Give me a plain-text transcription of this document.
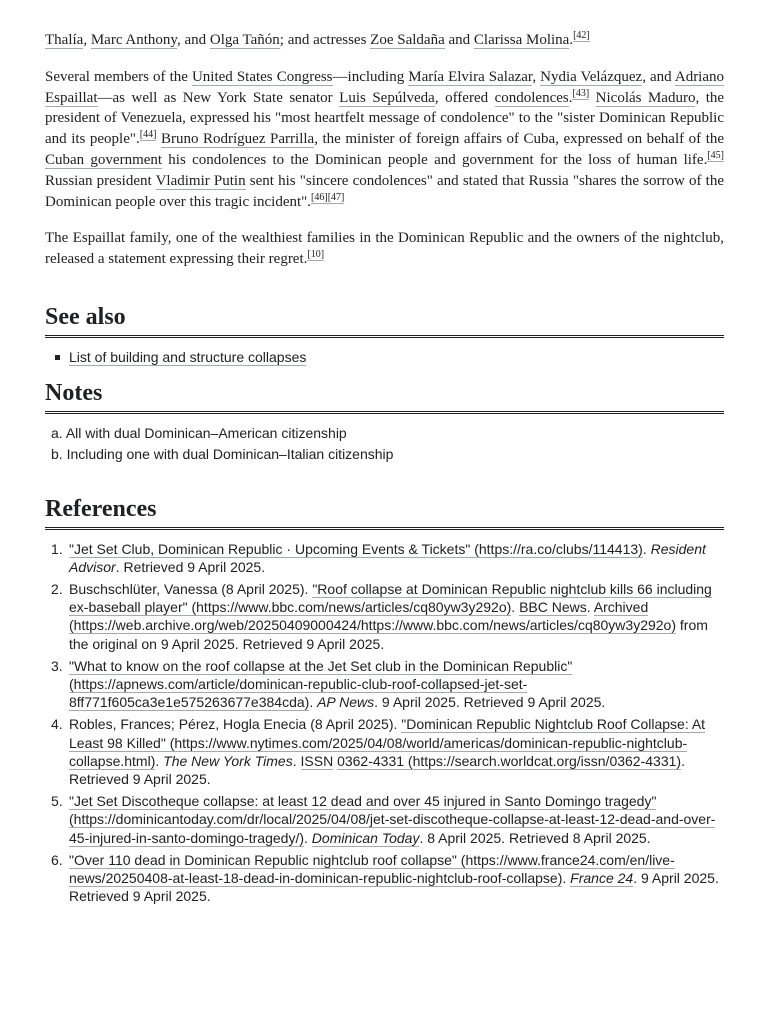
Thalía, Marc Anthony, and Olga Tañón; and actresses Zoe Saldaña and Clarissa Molina.[42]

Several members of the United States Congress—including María Elvira Salazar, Nydia Velázquez, and Adriano Espaillat—as well as New York State senator Luis Sepúlveda, offered condolences.[43] Nicolás Maduro, the president of Venezuela, expressed his "most heartfelt message of condolence" to the "sister Dominican Republic and its people".[44] Bruno Rodríguez Parrilla, the minister of foreign affairs of Cuba, expressed on behalf of the Cuban government his condolences to the Dominican people and government for the loss of human life.[45] Russian president Vladimir Putin sent his "sincere condolences" and stated that Russia "shares the sorrow of the Dominican people over this tragic incident".[46][47]

The Espaillat family, one of the wealthiest families in the Dominican Republic and the owners of the nightclub, released a statement expressing their regret.[10]

See also
List of building and structure collapses
Notes
a. All with dual Dominican–American citizenship
b. Including one with dual Dominican–Italian citizenship
References
1. "Jet Set Club, Dominican Republic · Upcoming Events & Tickets" (https://ra.co/clubs/114413). Resident Advisor. Retrieved 9 April 2025.
2. Buschschlüter, Vanessa (8 April 2025). "Roof collapse at Dominican Republic nightclub kills 66 including ex-baseball player" (https://www.bbc.com/news/articles/cq80yw3y292o). BBC News. Archived (https://web.archive.org/web/20250409000424/https://www.bbc.com/news/articles/cq80yw3y292o) from the original on 9 April 2025. Retrieved 9 April 2025.
3. "What to know on the roof collapse at the Jet Set club in the Dominican Republic" (https://apnews.com/article/dominican-republic-club-roof-collapsed-jet-set-8ff771f605ca3e1e575263677e384cda). AP News. 9 April 2025. Retrieved 9 April 2025.
4. Robles, Frances; Pérez, Hogla Enecia (8 April 2025). "Dominican Republic Nightclub Roof Collapse: At Least 98 Killed" (https://www.nytimes.com/2025/04/08/world/americas/dominican-republic-nightclub-collapse.html). The New York Times. ISSN 0362-4331 (https://search.worldcat.org/issn/0362-4331). Retrieved 9 April 2025.
5. "Jet Set Discotheque collapse: at least 12 dead and over 45 injured in Santo Domingo tragedy" (https://dominicantoday.com/dr/local/2025/04/08/jet-set-discotheque-collapse-at-least-12-dead-and-over-45-injured-in-santo-domingo-tragedy/). Dominican Today. 8 April 2025. Retrieved 8 April 2025.
6. "Over 110 dead in Dominican Republic nightclub roof collapse" (https://www.france24.com/en/live-news/20250408-at-least-18-dead-in-dominican-republic-nightclub-roof-collapse). France 24. 9 April 2025. Retrieved 9 April 2025.
